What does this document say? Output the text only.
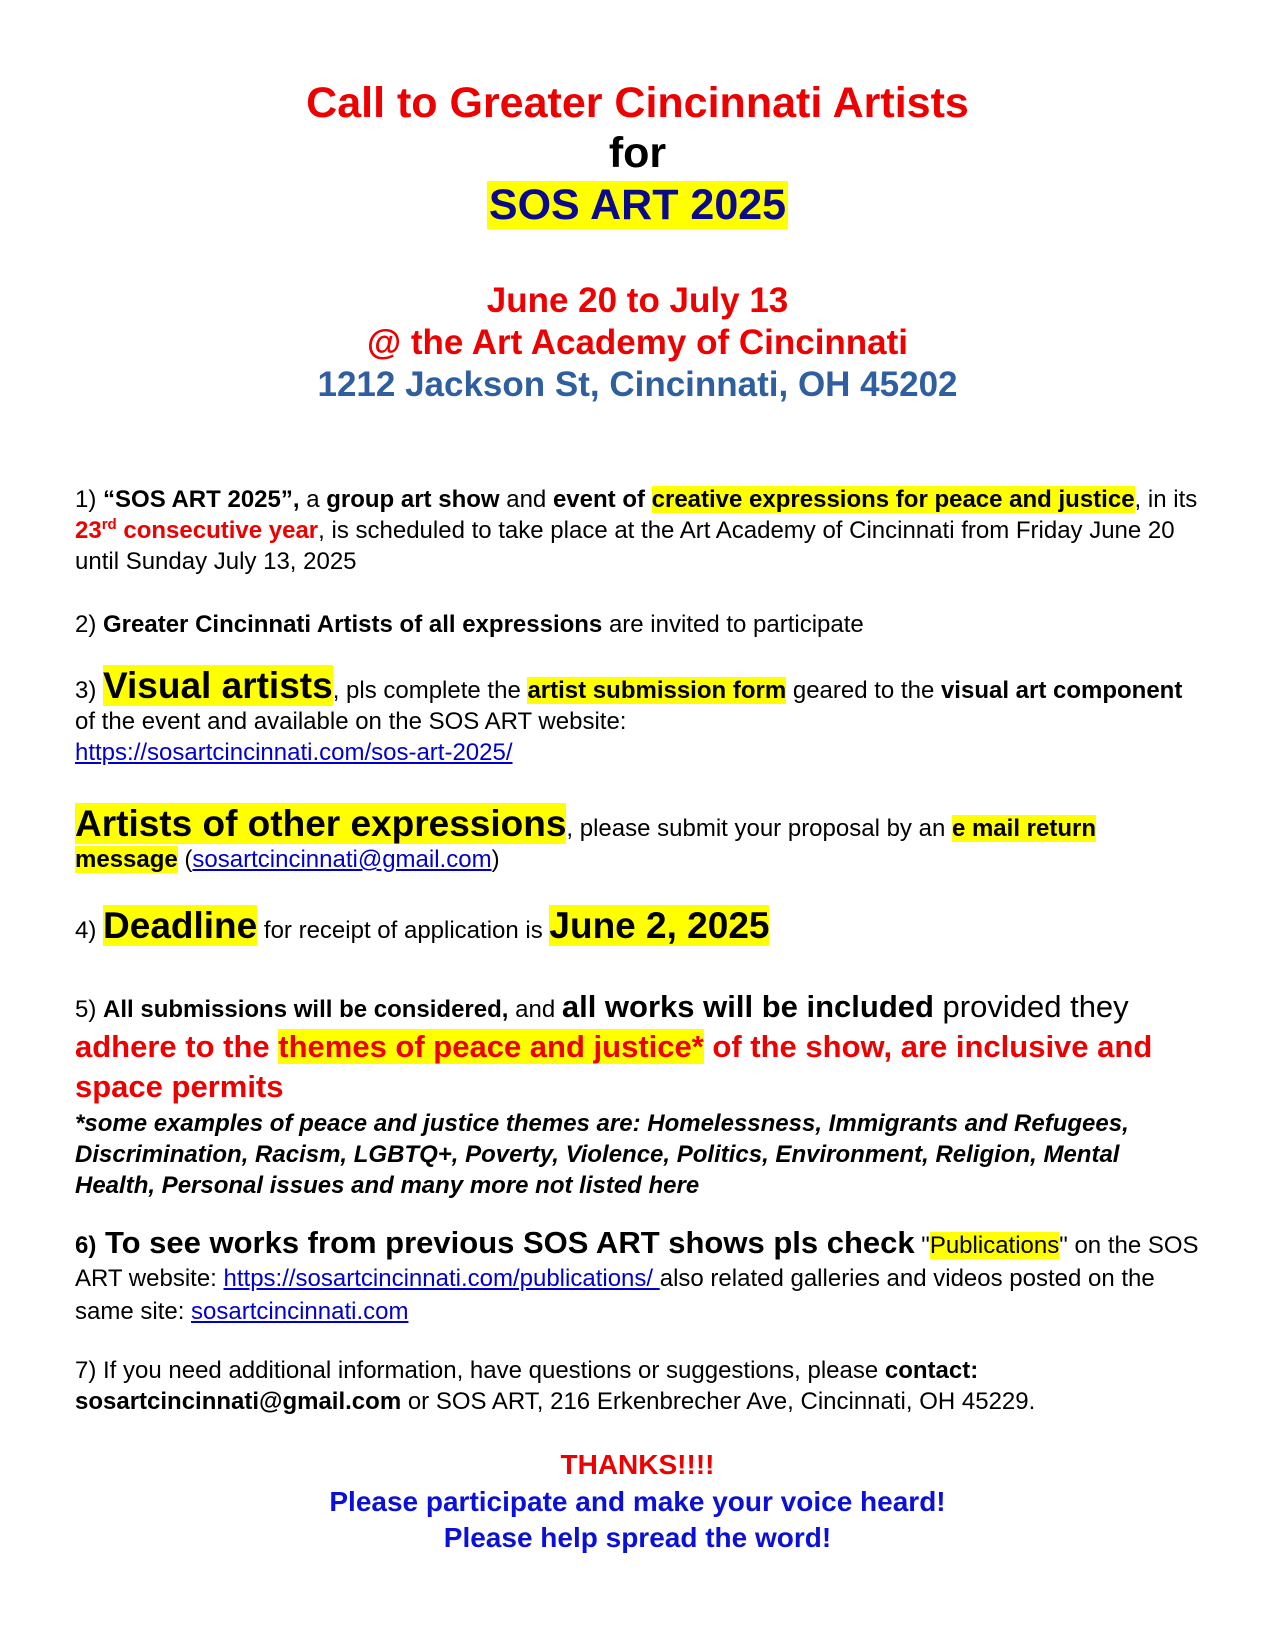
Call to Greater Cincinnati Artists
for
SOS ART 2025
June 20 to July 13
@ the Art Academy of Cincinnati
1212 Jackson St, Cincinnati, OH 45202
1) “SOS ART 2025”, a group art show and event of creative expressions for peace and justice, in its 23rd consecutive year, is scheduled to take place at the Art Academy of Cincinnati from Friday June 20 until Sunday July 13, 2025
2) Greater Cincinnati Artists of all expressions are invited to participate
3) Visual artists, pls complete the artist submission form geared to the visual art component of the event and available on the SOS ART website:
https://sosartcincinnati.com/sos-art-2025/
Artists of other expressions, please submit your proposal by an e mail return message (sosartcincinnati@gmail.com)
4) Deadline for receipt of application is June 2, 2025
5) All submissions will be considered, and all works will be included provided they adhere to the themes of peace and justice* of the show, are inclusive and space permits
*some examples of peace and justice themes are: Homelessness, Immigrants and Refugees, Discrimination, Racism, LGBTQ+, Poverty, Violence, Politics, Environment, Religion, Mental Health, Personal issues and many more not listed here
6) To see works from previous SOS ART shows pls check "Publications" on the SOS ART website: https://sosartcincinnati.com/publications/ also related galleries and videos posted on the same site: sosartcincinnati.com
7) If you need additional information, have questions or suggestions, please contact: sosartcincinnati@gmail.com or SOS ART, 216 Erkenbrecher Ave, Cincinnati, OH 45229.
THANKS!!!!
Please participate and make your voice heard!
Please help spread the word!
